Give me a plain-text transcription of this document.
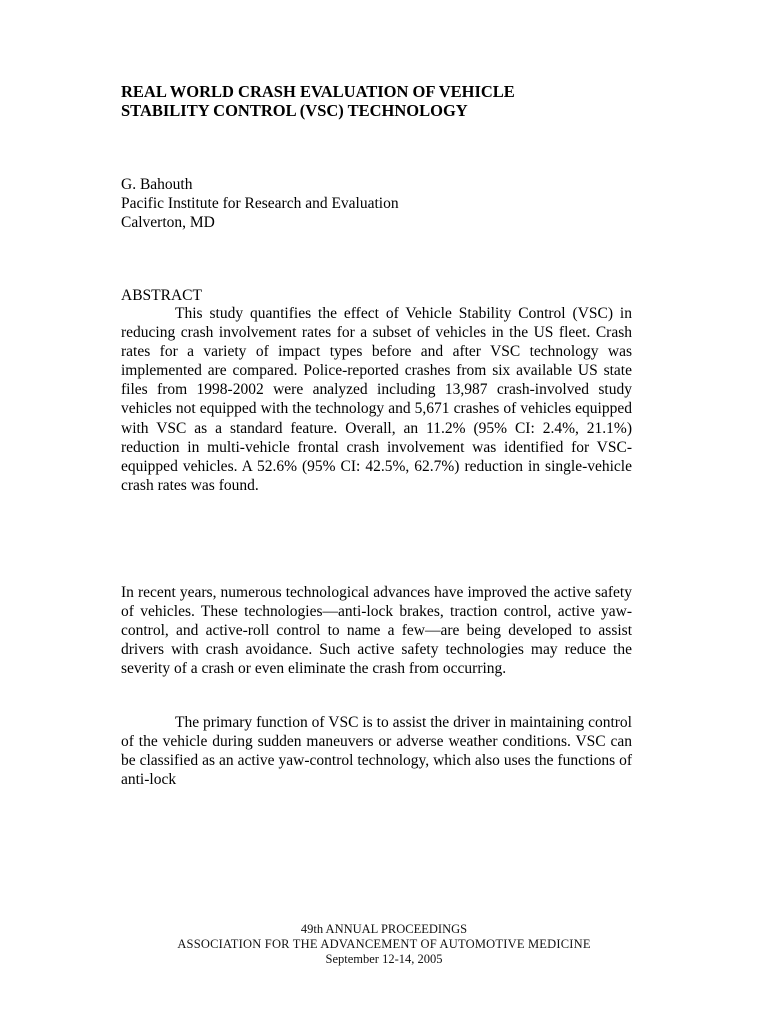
REAL WORLD CRASH EVALUATION OF VEHICLE
STABILITY CONTROL (VSC) TECHNOLOGY
G. Bahouth
Pacific Institute for Research and Evaluation
Calverton, MD
ABSTRACT

This study quantifies the effect of Vehicle Stability Control (VSC) in reducing crash involvement rates for a subset of vehicles in the US fleet. Crash rates for a variety of impact types before and after VSC technology was implemented are compared. Police-reported crashes from six available US state files from 1998-2002 were analyzed including 13,987 crash-involved study vehicles not equipped with the technology and 5,671 crashes of vehicles equipped with VSC as a standard feature. Overall, an 11.2% (95% CI: 2.4%, 21.1%) reduction in multi-vehicle frontal crash involvement was identified for VSC-equipped vehicles. A 52.6% (95% CI: 42.5%, 62.7%) reduction in single-vehicle crash rates was found.

In recent years, numerous technological advances have improved the active safety of vehicles. These technologies—anti-lock brakes, traction control, active yaw-control, and active-roll control to name a few—are being developed to assist drivers with crash avoidance. Such active safety technologies may reduce the severity of a crash or even eliminate the crash from occurring.

The primary function of VSC is to assist the driver in maintaining control of the vehicle during sudden maneuvers or adverse weather conditions. VSC can be classified as an active yaw-control technology, which also uses the functions of anti-lock

49th ANNUAL PROCEEDINGS
ASSOCIATION FOR THE ADVANCEMENT OF AUTOMOTIVE MEDICINE
September 12-14, 2005
